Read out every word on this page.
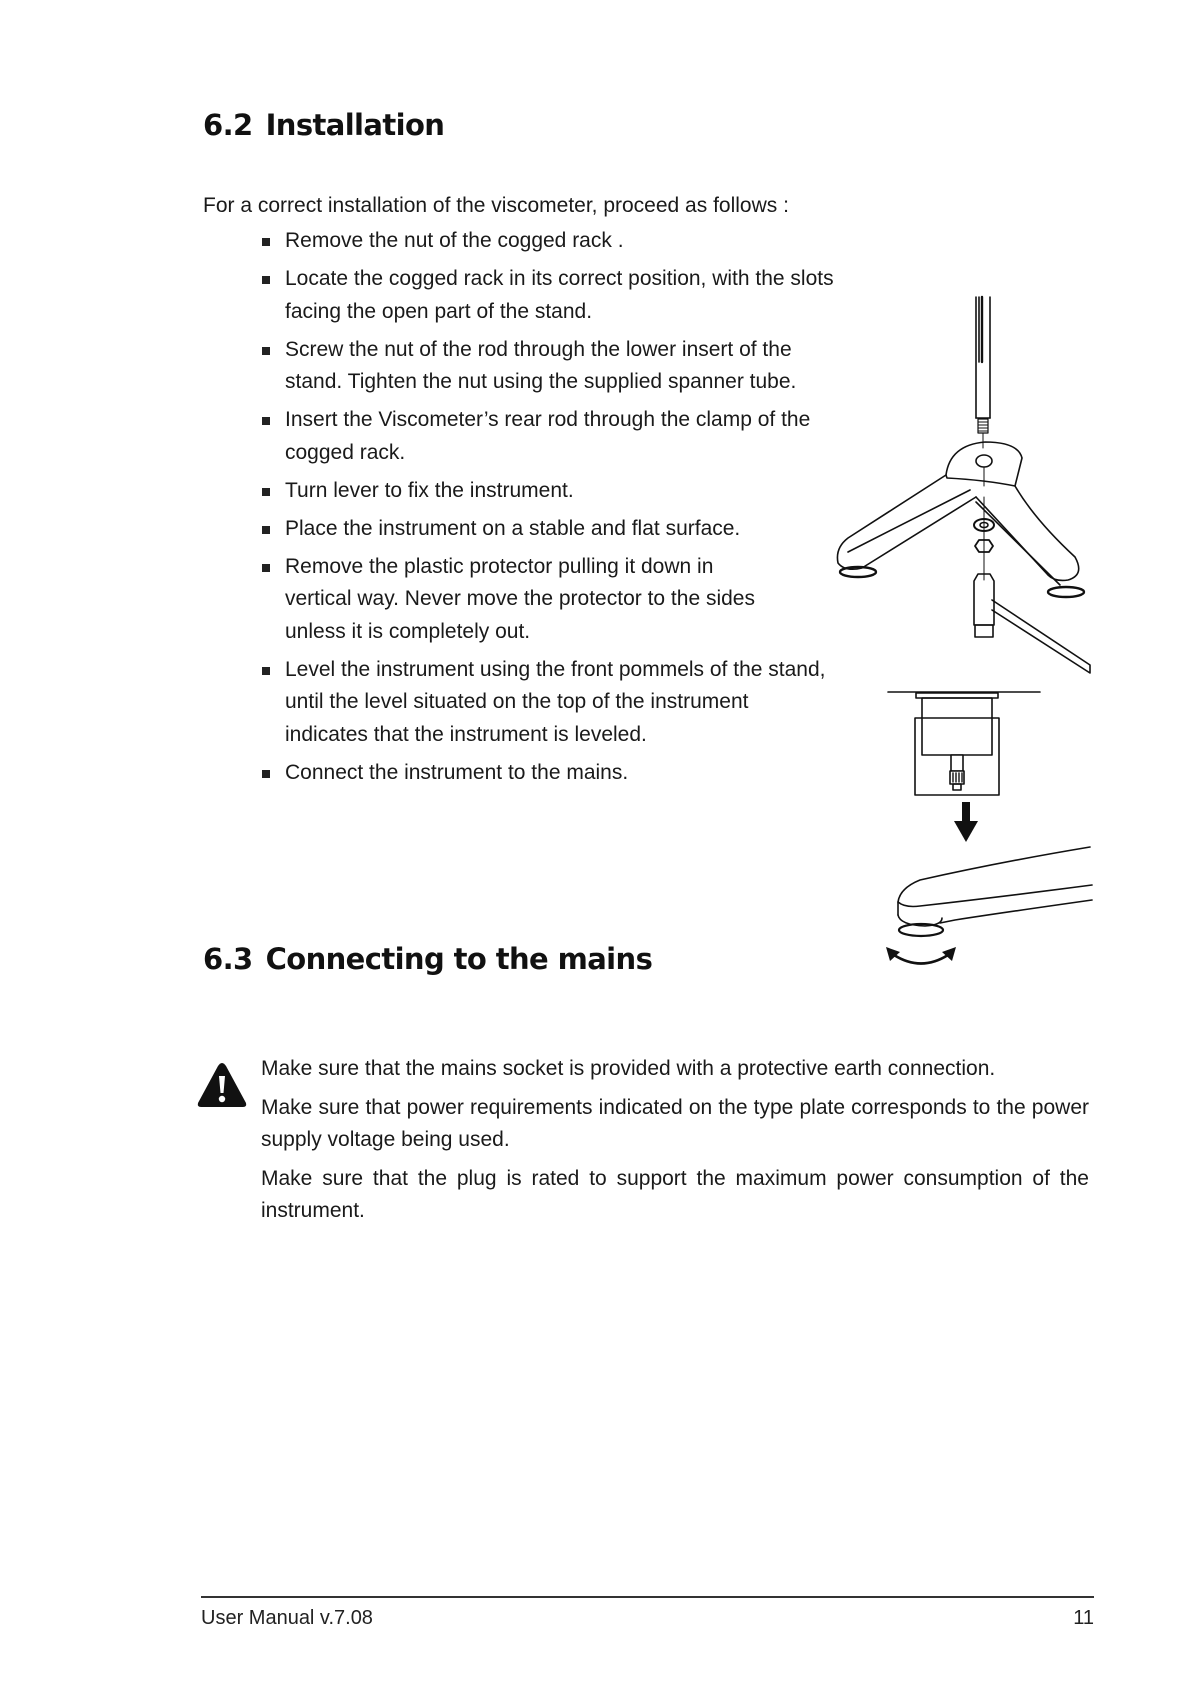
6.2 Installation

For a correct installation of the viscometer, proceed as follows :

Remove the nut of the cogged rack .
Locate the cogged rack in its correct position, with the slots facing the open part of the stand.
Screw the nut of the rod through the lower insert of the stand. Tighten the nut using the supplied spanner tube.
Insert the Viscometer’s rear rod through the clamp of the cogged rack.
Turn lever to fix the instrument.
Place the instrument on a stable and flat surface.
Remove the plastic protector pulling it down in vertical way. Never move the protector to the sides unless it is completely out.
Level the instrument using the front pommels of the stand, until the level situated on the top of the instrument indicates that the instrument is leveled.
Connect the instrument to the mains.
6.3 Connecting to the mains

Make sure that the mains socket is provided with a protective earth connection.

Make sure that power requirements indicated on the type plate corresponds to the power supply voltage being used.

Make sure that the plug is rated to support the maximum power consumption of the instrument.

User Manual v.7.08	11
